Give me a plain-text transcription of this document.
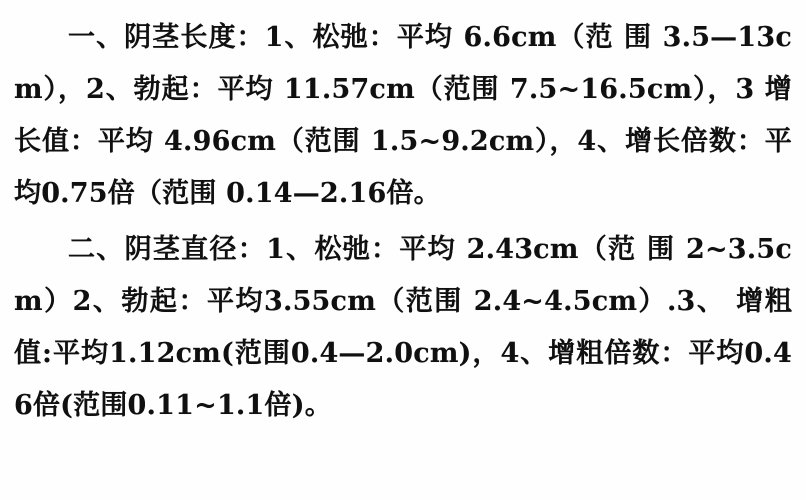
一、阴茎长度：1、松弛：平均 6.6cm（范 围 3.5—13cm），2、勃起：平均 11.57cm（范围 7.5~16.5cm），3 增长值：平均 4.96cm（范围 1.5~9.2cm），4、增长倍数：平均0.75倍（范围 0.14—2.16倍。

二、阴茎直径：1、松弛：平均 2.43cm（范 围 2~3.5cm）2、勃起：平均3.55cm（范围 2.4~4.5cm）.3、 增粗值:平均1.12cm(范围0.4—2.0cm)，4、增粗倍数：平均0.46倍(范围0.11~1.1倍)。
